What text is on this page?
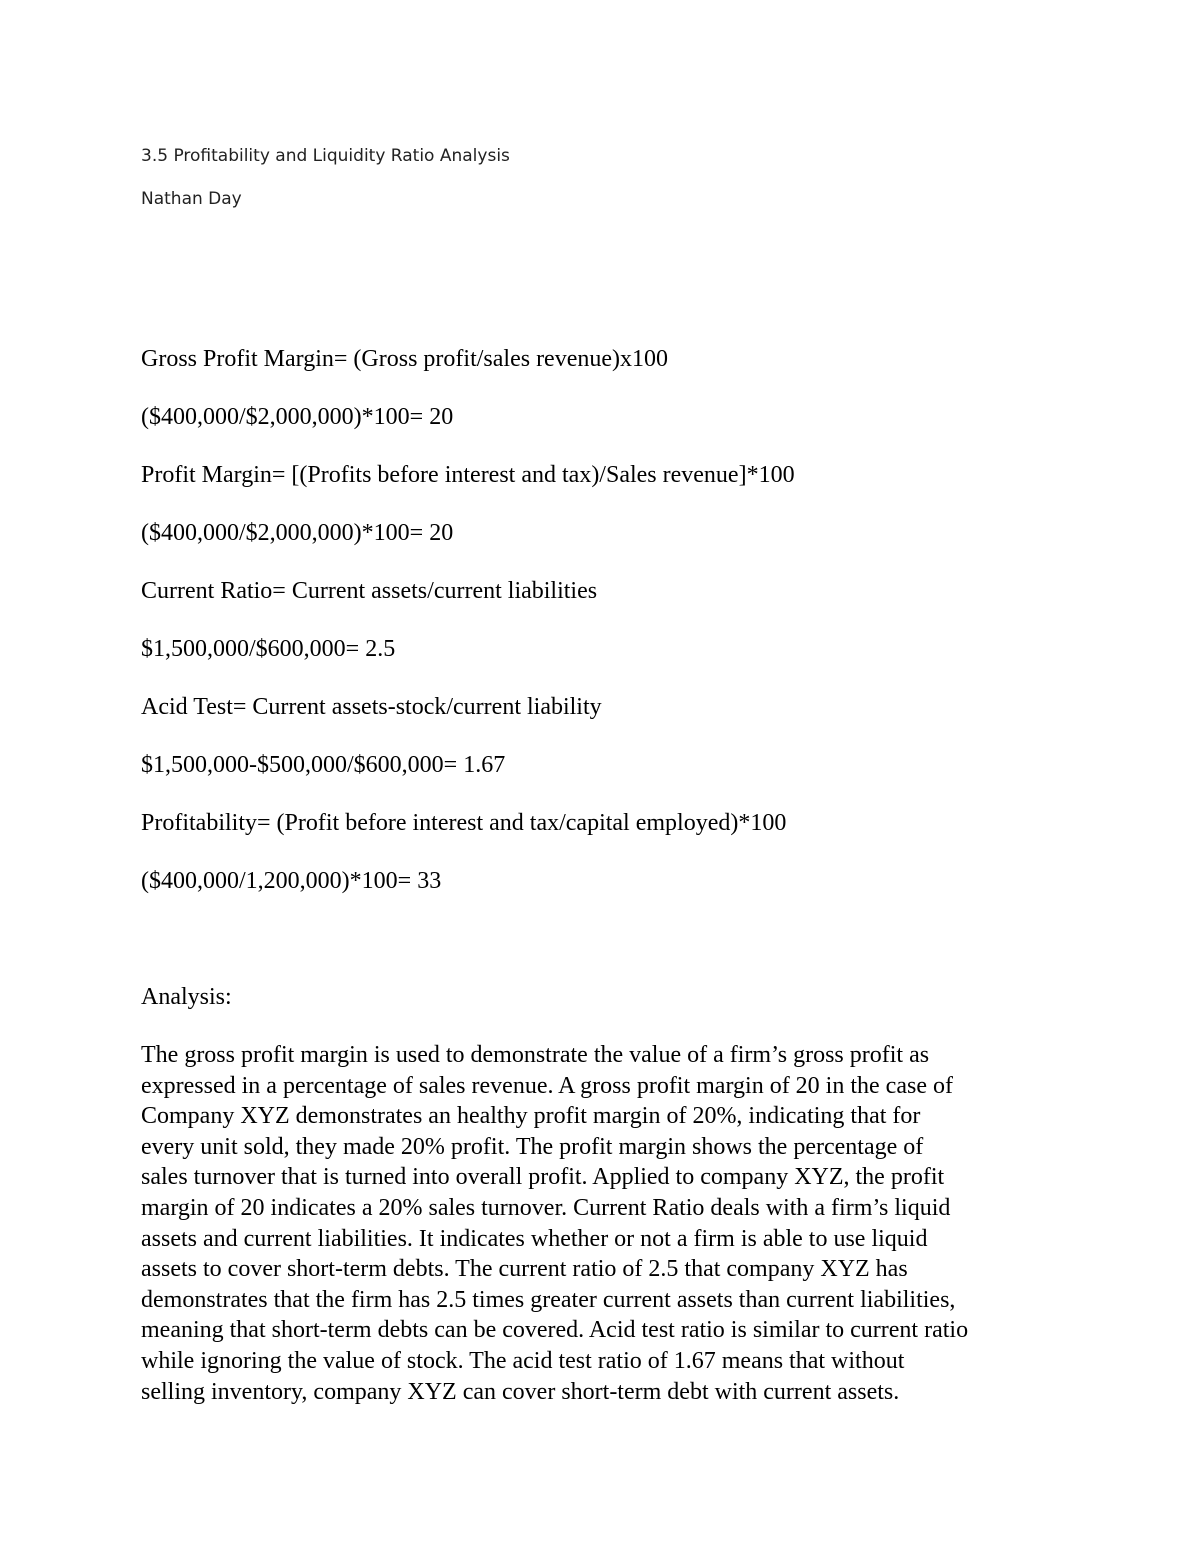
3.5 Profitability and Liquidity Ratio Analysis
Nathan Day
Gross Profit Margin= (Gross profit/sales revenue)x100
($400,000/$2,000,000)*100= 20
Profit Margin= [(Profits before interest and tax)/Sales revenue]*100
($400,000/$2,000,000)*100= 20
Current Ratio= Current assets/current liabilities
$1,500,000/$600,000= 2.5
Acid Test= Current assets-stock/current liability
$1,500,000-$500,000/$600,000= 1.67
Profitability= (Profit before interest and tax/capital employed)*100
($400,000/1,200,000)*100= 33
Analysis:
The gross profit margin is used to demonstrate the value of a firm’s gross profit as
expressed in a percentage of sales revenue. A gross profit margin of 20 in the case of
Company XYZ demonstrates an healthy profit margin of 20%, indicating that for
every unit sold, they made 20% profit. The profit margin shows the percentage of
sales turnover that is turned into overall profit. Applied to company XYZ, the profit
margin of 20 indicates a 20% sales turnover. Current Ratio deals with a firm’s liquid
assets and current liabilities. It indicates whether or not a firm is able to use liquid
assets to cover short-term debts. The current ratio of 2.5 that company XYZ has
demonstrates that the firm has 2.5 times greater current assets than current liabilities,
meaning that short-term debts can be covered. Acid test ratio is similar to current ratio
while ignoring the value of stock. The acid test ratio of 1.67 means that without
selling inventory, company XYZ can cover short-term debt with current assets.
